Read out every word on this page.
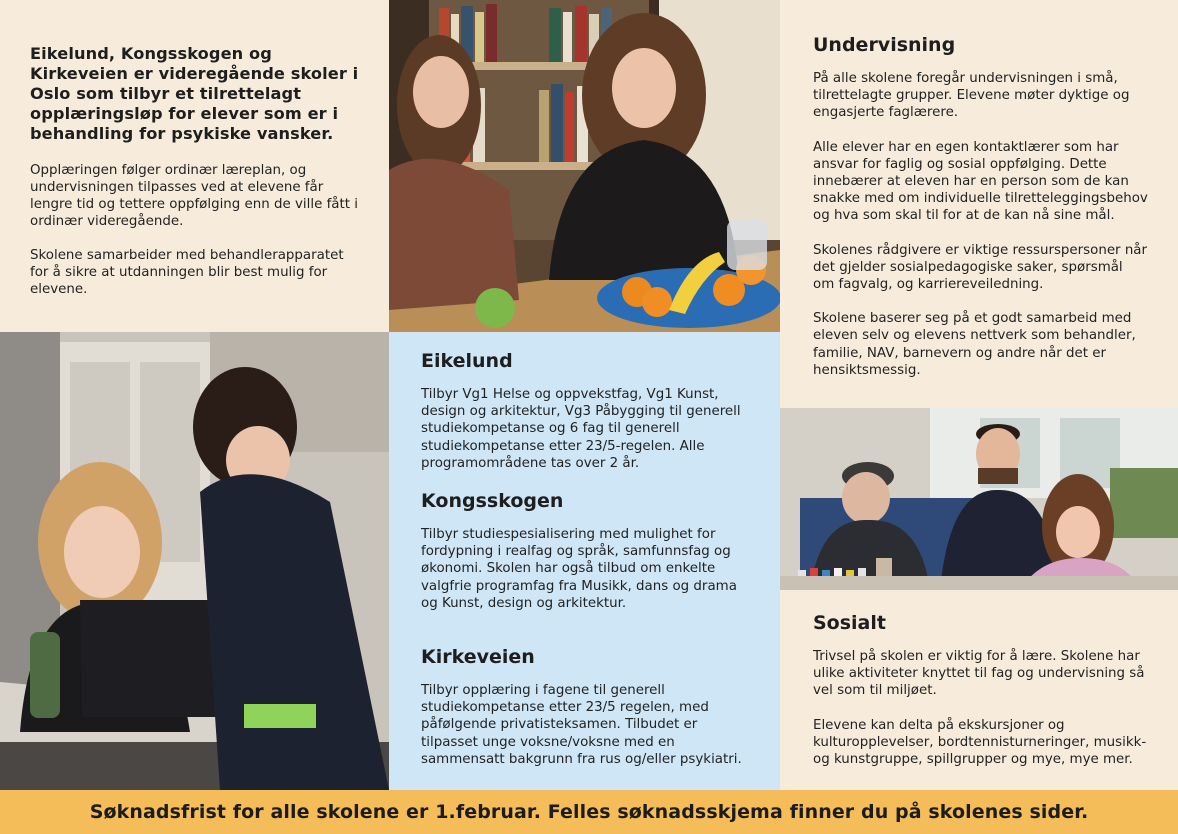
Eikelund, Kongsskogen og Kirkeveien er videregående skoler i Oslo som tilbyr et tilrettelagt opplæringsløp for elever som er i behandling for psykiske vansker.

Opplæringen følger ordinær læreplan, og undervisningen tilpasses ved at elevene får lengre tid og tettere oppfølging enn de ville fått i ordinær videregående.

Skolene samarbeider med behandlerapparatet for å sikre at utdanningen blir best mulig for elevene.

Eikelund

Tilbyr Vg1 Helse og oppvekstfag, Vg1 Kunst, design og arkitektur, Vg3 Påbygging til generell studiekompetanse og 6 fag til generell studiekompetanse etter 23/5-regelen. Alle programområdene tas over 2 år.

Kongsskogen

Tilbyr studiespesialisering med mulighet for fordypning i realfag og språk, samfunnsfag og økonomi. Skolen har også tilbud om enkelte valgfrie programfag fra Musikk, dans og drama og Kunst, design og arkitektur.

Kirkeveien

Tilbyr opplæring i fagene til generell studiekompetanse etter 23/5 regelen, med påfølgende privatisteksamen. Tilbudet er tilpasset unge voksne/voksne med en sammensatt bakgrunn fra rus og/eller psykiatri.

Undervisning

På alle skolene foregår undervisningen i små, tilrettelagte grupper. Elevene møter dyktige og engasjerte faglærere.

Alle elever har en egen kontaktlærer som har ansvar for faglig og sosial oppfølging. Dette innebærer at eleven har en person som de kan snakke med om individuelle tilretteleggingsbehov og hva som skal til for at de kan nå sine mål.

Skolenes rådgivere er viktige ressurspersoner når det gjelder sosialpedagogiske saker, spørsmål om fagvalg, og karriereveiledning.

Skolene baserer seg på et godt samarbeid med eleven selv og elevens nettverk som behandler, familie, NAV, barnevern og andre når det er hensiktsmessig.

Sosialt

Trivsel på skolen er viktig for å lære. Skolene har ulike aktiviteter knyttet til fag og undervisning så vel som til miljøet.

Elevene kan delta på ekskursjoner og kulturopplevelser, bordtennisturneringer, musikk- og kunstgruppe, spillgrupper og mye, mye mer.

Søknadsfrist for alle skolene er 1.februar. Felles søknadsskjema finner du på skolenes sider.
